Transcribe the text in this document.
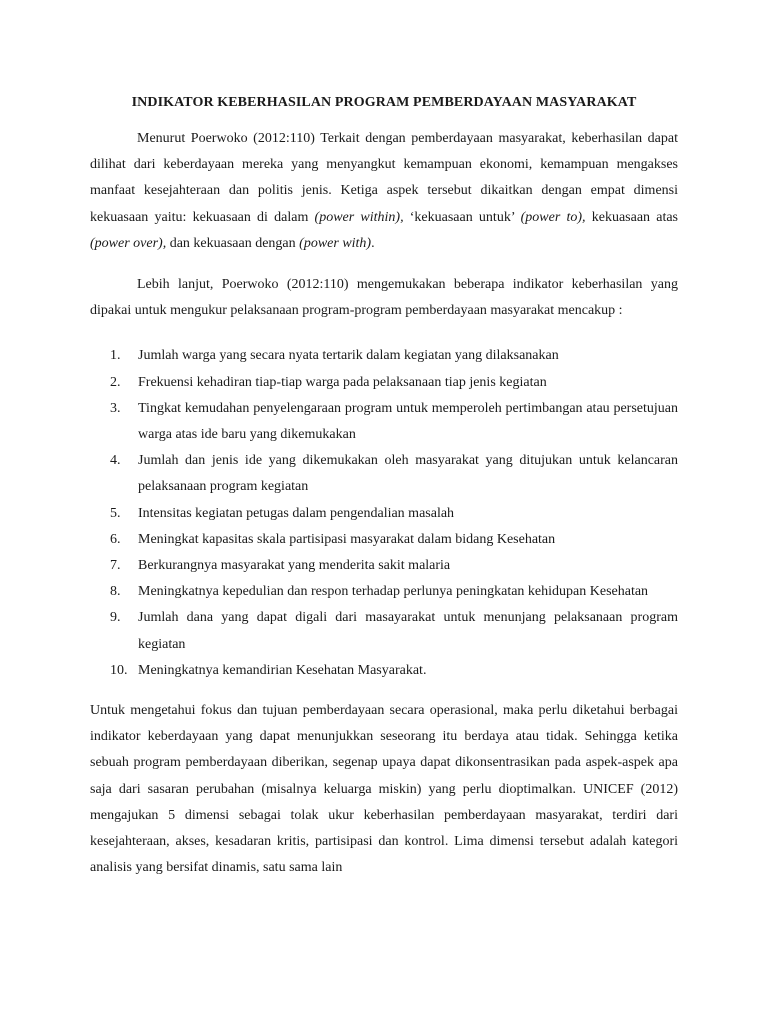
INDIKATOR KEBERHASILAN PROGRAM PEMBERDAYAAN MASYARAKAT

Menurut Poerwoko (2012:110) Terkait dengan pemberdayaan masyarakat, keberhasilan dapat dilihat dari keberdayaan mereka yang menyangkut kemampuan ekonomi, kemampuan mengakses manfaat kesejahteraan dan politis jenis. Ketiga aspek tersebut dikaitkan dengan empat dimensi kekuasaan yaitu: kekuasaan di dalam (power within), ‘kekuasaan untuk’ (power to), kekuasaan atas (power over), dan kekuasaan dengan (power with).

Lebih lanjut, Poerwoko (2012:110) mengemukakan beberapa indikator keberhasilan yang dipakai untuk mengukur pelaksanaan program-program pemberdayaan masyarakat mencakup :

1. Jumlah warga yang secara nyata tertarik dalam kegiatan yang dilaksanakan
2. Frekuensi kehadiran tiap-tiap warga pada pelaksanaan tiap jenis kegiatan
3. Tingkat kemudahan penyelengaraan program untuk memperoleh pertimbangan atau persetujuan warga atas ide baru yang dikemukakan
4. Jumlah dan jenis ide yang dikemukakan oleh masyarakat yang ditujukan untuk kelancaran pelaksanaan program kegiatan
5. Intensitas kegiatan petugas dalam pengendalian masalah
6. Meningkat kapasitas skala partisipasi masyarakat dalam bidang Kesehatan
7. Berkurangnya masyarakat yang menderita sakit malaria
8. Meningkatnya kepedulian dan respon terhadap perlunya peningkatan kehidupan Kesehatan
9. Jumlah dana yang dapat digali dari masayarakat untuk menunjang pelaksanaan program kegiatan
10. Meningkatnya kemandirian Kesehatan Masyarakat.

Untuk mengetahui fokus dan tujuan pemberdayaan secara operasional, maka perlu diketahui berbagai indikator keberdayaan yang dapat menunjukkan seseorang itu berdaya atau tidak. Sehingga ketika sebuah program pemberdayaan diberikan, segenap upaya dapat dikonsentrasikan pada aspek-aspek apa saja dari sasaran perubahan (misalnya keluarga miskin) yang perlu dioptimalkan. UNICEF (2012) mengajukan 5 dimensi sebagai tolak ukur keberhasilan pemberdayaan masyarakat, terdiri dari kesejahteraan, akses, kesadaran kritis, partisipasi dan kontrol. Lima dimensi tersebut adalah kategori analisis yang bersifat dinamis, satu sama lain
